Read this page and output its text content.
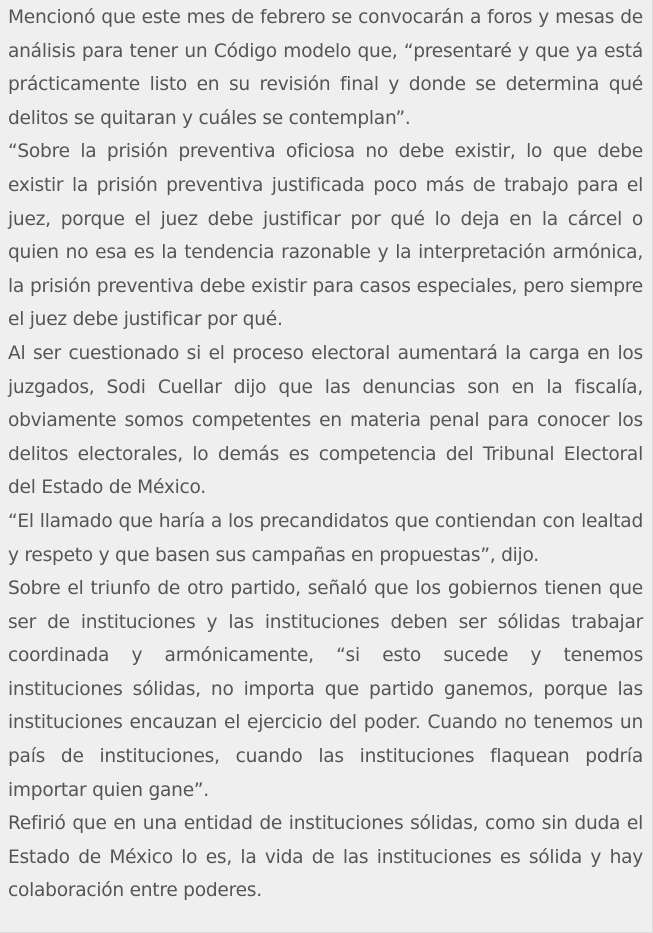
Mencionó que este mes de febrero se convocarán a foros y mesas de análisis para tener un Código modelo que, “presentaré y que ya está prácticamente listo en su revisión final y donde se determina qué delitos se quitaran y cuáles se contemplan”.

“Sobre la prisión preventiva oficiosa no debe existir, lo que debe existir la prisión preventiva justificada poco más de trabajo para el juez, porque el juez debe justificar por qué lo deja en la cárcel o quien no esa es la tendencia razonable y la interpretación armónica, la prisión preventiva debe existir para casos especiales, pero siempre el juez debe justificar por qué.

Al ser cuestionado si el proceso electoral aumentará la carga en los juzgados, Sodi Cuellar dijo que las denuncias son en la fiscalía, obviamente somos competentes en materia penal para conocer los delitos electorales, lo demás es competencia del Tribunal Electoral del Estado de México.

“El llamado que haría a los precandidatos que contiendan con lealtad y respeto y que basen sus campañas en propuestas”, dijo.

Sobre el triunfo de otro partido, señaló que los gobiernos tienen que ser de instituciones y las instituciones deben ser sólidas trabajar coordinada y armónicamente, “si esto sucede y tenemos instituciones sólidas, no importa que partido ganemos, porque las instituciones encauzan el ejercicio del poder. Cuando no tenemos un país de instituciones, cuando las instituciones flaquean podría importar quien gane”.

Refirió que en una entidad de instituciones sólidas, como sin duda el Estado de México lo es, la vida de las instituciones es sólida y hay colaboración entre poderes.
